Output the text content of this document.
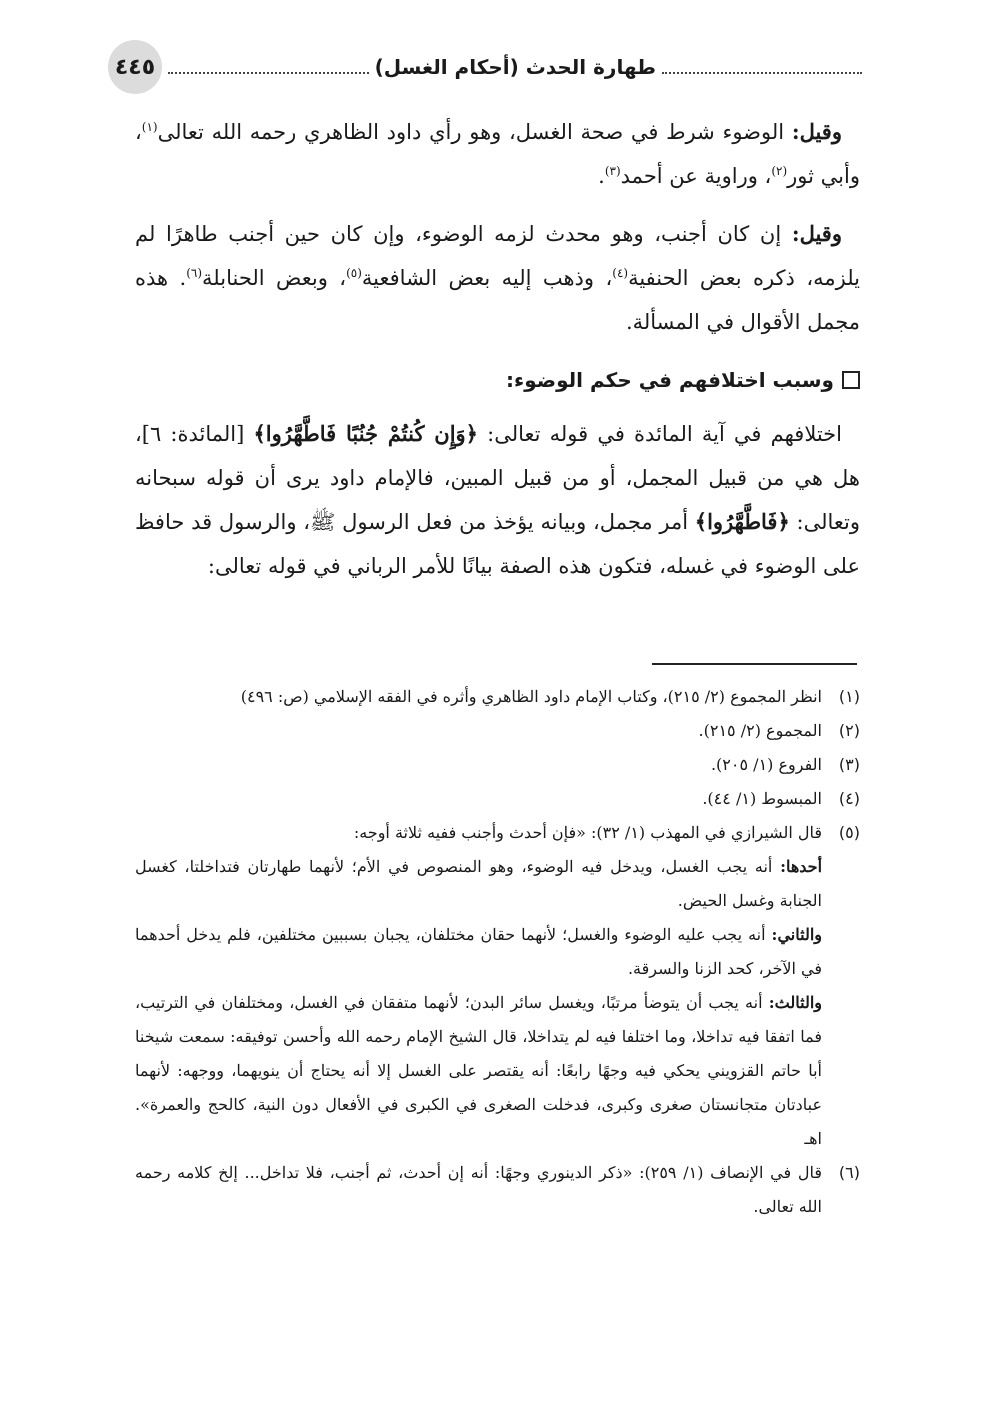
٤٤٥	طهارة الحدث (أحكام الغسل)

وقيل: الوضوء شرط في صحة الغسل، وهو رأي داود الظاهري رحمه الله تعالى$^{(١)}$، وأبي ثور$^{(٢)}$، وراوية عن أحمد$^{(٣)}$.

وقيل: إن كان أجنب، وهو محدث لزمه الوضوء، وإن كان حين أجنب طاهرًا لم يلزمه، ذكره بعض الحنفية$^{(٤)}$، وذهب إليه بعض الشافعية$^{(٥)}$، وبعض الحنابلة$^{(٦)}$. هذه مجمل الأقوال في المسألة.

وسبب اختلافهم في حكم الوضوء:

اختلافهم في آية المائدة في قوله تعالى: ﴿وَإِن كُنتُمْ جُنُبًا فَاطَّهَّرُوا﴾ [المائدة: ٦]، هل هي من قبيل المجمل، أو من قبيل المبين، فالإمام داود يرى أن قوله سبحانه وتعالى: ﴿فَاطَّهَّرُوا﴾ أمر مجمل، وبيانه يؤخذ من فعل الرسول ﷺ، والرسول قد حافظ على الوضوء في غسله، فتكون هذه الصفة بيانًا للأمر الرباني في قوله تعالى:

(١)
انظر المجموع (٢/ ٢١٥)، وكتاب الإمام داود الظاهري وأثره في الفقه الإسلامي (ص: ٤٩٦)
(٢)
المجموع (٢/ ٢١٥).
(٣)
الفروع (١/ ٢٠٥).
(٤)
المبسوط (١/ ٤٤).
(٥)
قال الشيرازي في المهذب (١/ ٣٢): «فإن أحدث وأجنب ففيه ثلاثة أوجه:

أحدها: أنه يجب الغسل، ويدخل فيه الوضوء، وهو المنصوص في الأم؛ لأنهما طهارتان فتداخلتا، كغسل الجنابة وغسل الحيض.

والثاني: أنه يجب عليه الوضوء والغسل؛ لأنهما حقان مختلفان، يجبان بسببين مختلفين، فلم يدخل أحدهما في الآخر، كحد الزنا والسرقة.

والثالث: أنه يجب أن يتوضأ مرتبًا، ويغسل سائر البدن؛ لأنهما متفقان في الغسل، ومختلفان في الترتيب، فما اتفقا فيه تداخلا، وما اختلفا فيه لم يتداخلا، قال الشيخ الإمام رحمه الله وأحسن توفيقه: سمعت شيخنا أبا حاتم القزويني يحكي فيه وجهًا رابعًا: أنه يقتصر على الغسل إلا أنه يحتاج أن ينويهما، ووجهه: لأنهما عبادتان متجانستان صغرى وكبرى، فدخلت الصغرى في الكبرى في الأفعال دون النية، كالحج والعمرة». اهـ

(٦)
قال في الإنصاف (١/ ٢٥٩): «ذكر الدينوري وجهًا: أنه إن أحدث، ثم أجنب، فلا تداخل... إلخ كلامه رحمه الله تعالى.
